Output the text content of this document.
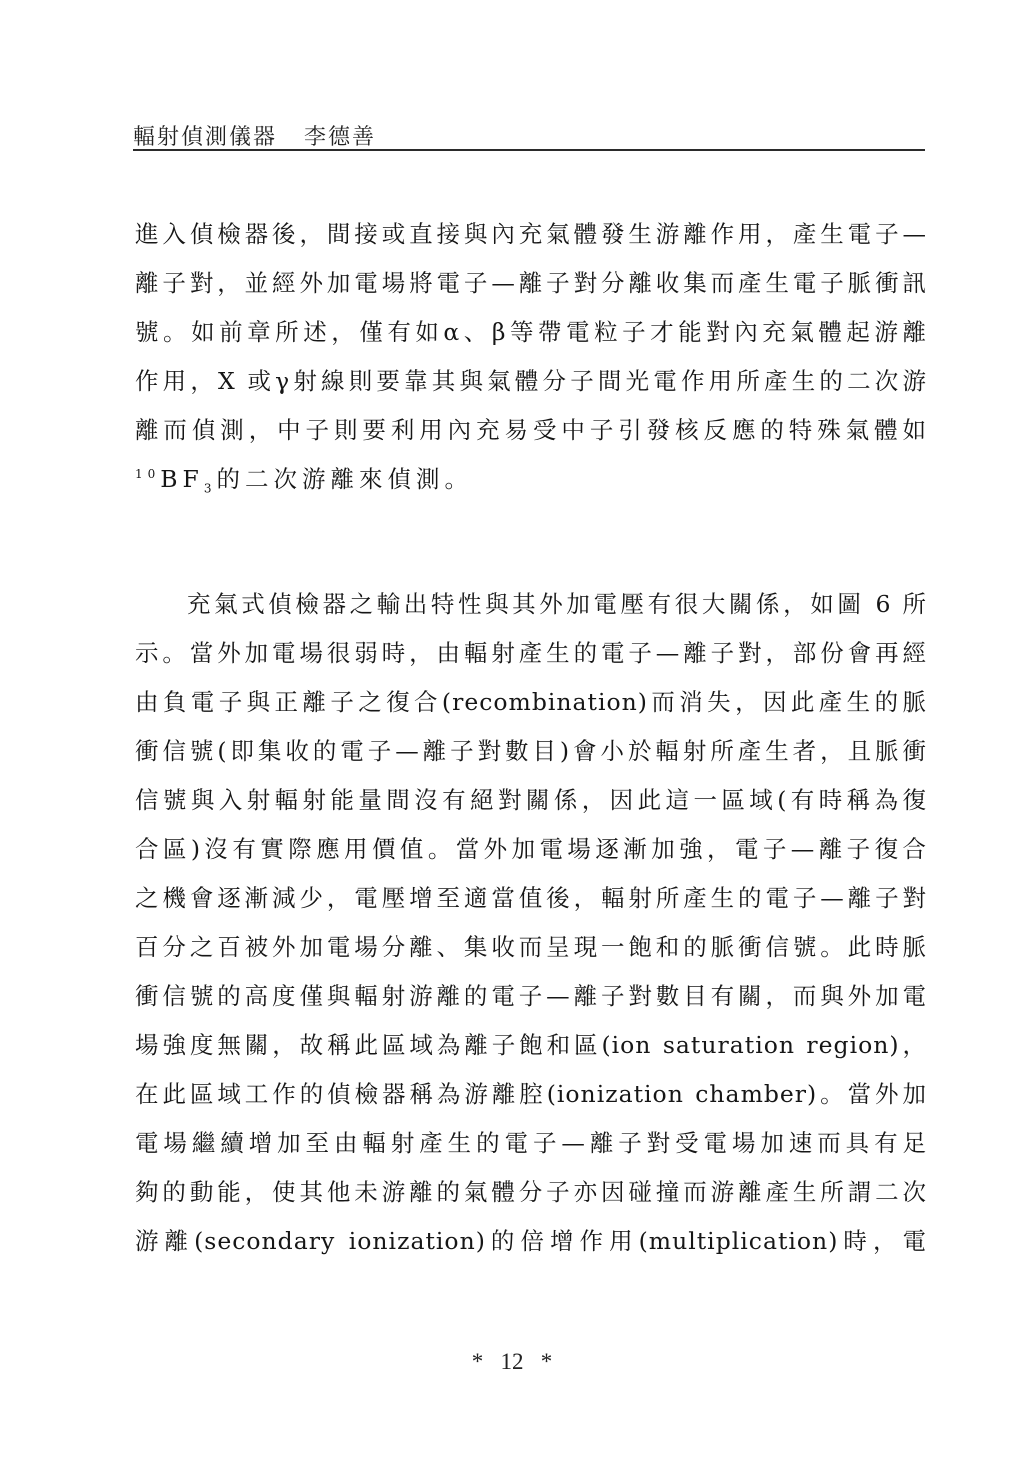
輻射偵測儀器 李德善
進入偵檢器後，間接或直接與內充氣體發生游離作用，產生電子—
離子對，並經外加電場將電子—離子對分離收集而產生電子脈衝訊
號。如前章所述，僅有如α、β等帶電粒子才能對內充氣體起游離
作用，X 或γ射線則要靠其與氣體分子間光電作用所產生的二次游
離而偵測，中子則要利用內充易受中子引發核反應的特殊氣體如
$^{10}BF_3$的二次游離來偵測。
充氣式偵檢器之輸出特性與其外加電壓有很大關係，如圖 6 所
示。當外加電場很弱時，由輻射產生的電子—離子對，部份會再經
由負電子與正離子之復合(recombination)而消失，因此產生的脈
衝信號(即集收的電子—離子對數目)會小於輻射所產生者，且脈衝
信號與入射輻射能量間沒有絕對關係，因此這一區域(有時稱為復
合區)沒有實際應用價值。當外加電場逐漸加強，電子—離子復合
之機會逐漸減少，電壓增至適當值後，輻射所產生的電子—離子對
百分之百被外加電場分離、集收而呈現一飽和的脈衝信號。此時脈
衝信號的高度僅與輻射游離的電子—離子對數目有關，而與外加電
場強度無關，故稱此區域為離子飽和區(ion saturation region)，
在此區域工作的偵檢器稱為游離腔(ionization chamber)。當外加
電場繼續增加至由輻射產生的電子—離子對受電場加速而具有足
夠的動能，使其他未游離的氣體分子亦因碰撞而游離產生所謂二次
游離(secondary ionization)的倍增作用(multiplication)時，電
*   12   *
